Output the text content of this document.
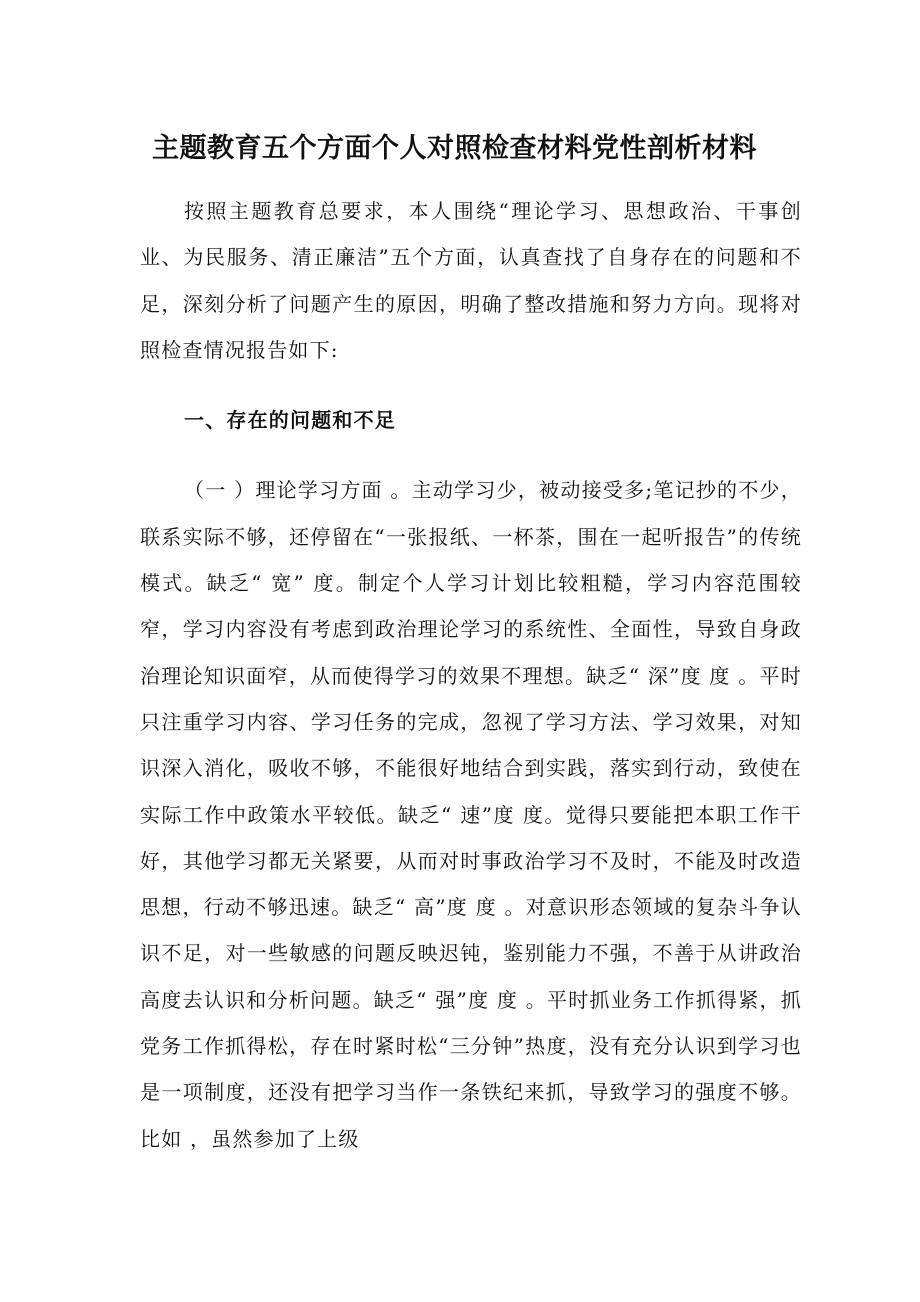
主题教育五个方面个人对照检查材料党性剖析材料

按照主题教育总要求，本人围绕“理论学习、思想政治、干事创业、为民服务、清正廉洁”五个方面，认真查找了自身存在的问题和不足，深刻分析了问题产生的原因，明确了整改措施和努力方向。现将对照检查情况报告如下:

一、存在的问题和不足

（一 ）理论学习方面 。主动学习少，被动接受多;笔记抄的不少，联系实际不够，还停留在“一张报纸、一杯茶，围在一起听报告”的传统模式。缺乏“ 宽” 度。制定个人学习计划比较粗糙，学习内容范围较窄，学习内容没有考虑到政治理论学习的系统性、全面性，导致自身政治理论知识面窄，从而使得学习的效果不理想。缺乏“ 深”度 度 。平时只注重学习内容、学习任务的完成，忽视了学习方法、学习效果，对知识深入消化，吸收不够，不能很好地结合到实践，落实到行动，致使在实际工作中政策水平较低。缺乏“ 速”度 度。觉得只要能把本职工作干好，其他学习都无关紧要，从而对时事政治学习不及时，不能及时改造思想，行动不够迅速。缺乏“ 高”度 度 。对意识形态领域的复杂斗争认识不足，对一些敏感的问题反映迟钝，鉴别能力不强，不善于从讲政治高度去认识和分析问题。缺乏“ 强”度 度 。平时抓业务工作抓得紧，抓党务工作抓得松，存在时紧时松“三分钟”热度，没有充分认识到学习也是一项制度，还没有把学习当作一条铁纪来抓，导致学习的强度不够。比如 ，虽然参加了上级
